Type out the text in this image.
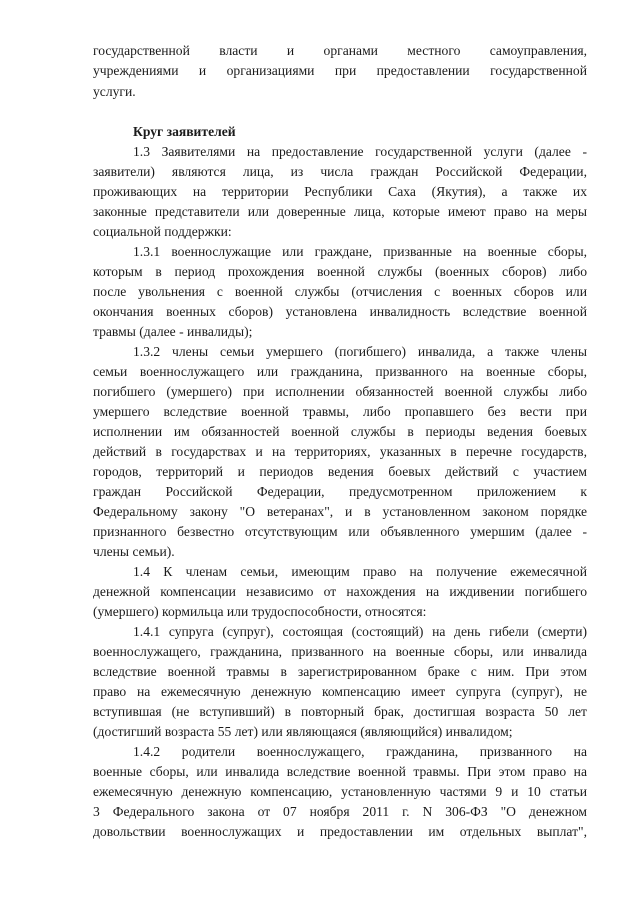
государственной власти и органами местного самоуправления,
учреждениями и организациями при предоставлении государственной
услуги.
Круг заявителей
1.3 Заявителями на предоставление государственной услуги (далее -
заявители) являются лица, из числа граждан Российской Федерации,
проживающих на территории Республики Саха (Якутия), а также их
законные представители или доверенные лица, которые имеют право на меры
социальной поддержки:
1.3.1 военнослужащие или граждане, призванные на военные сборы,
которым в период прохождения военной службы (военных сборов) либо
после увольнения с военной службы (отчисления с военных сборов или
окончания военных сборов) установлена инвалидность вследствие военной
травмы (далее - инвалиды);
1.3.2 члены семьи умершего (погибшего) инвалида, а также члены
семьи военнослужащего или гражданина, призванного на военные сборы,
погибшего (умершего) при исполнении обязанностей военной службы либо
умершего вследствие военной травмы, либо пропавшего без вести при
исполнении им обязанностей военной службы в периоды ведения боевых
действий в государствах и на территориях, указанных в перечне государств,
городов, территорий и периодов ведения боевых действий с участием
граждан Российской Федерации, предусмотренном приложением к
Федеральному закону "О ветеранах", и в установленном законом порядке
признанного безвестно отсутствующим или объявленного умершим (далее -
члены семьи).
1.4 К членам семьи, имеющим право на получение ежемесячной
денежной компенсации независимо от нахождения на иждивении погибшего
(умершего) кормильца или трудоспособности, относятся:
1.4.1 супруга (супруг), состоящая (состоящий) на день гибели (смерти)
военнослужащего, гражданина, призванного на военные сборы, или инвалида
вследствие военной травмы в зарегистрированном браке с ним. При этом
право на ежемесячную денежную компенсацию имеет супруга (супруг), не
вступившая (не вступивший) в повторный брак, достигшая возраста 50 лет
(достигший возраста 55 лет) или являющаяся (являющийся) инвалидом;
1.4.2 родители военнослужащего, гражданина, призванного на
военные сборы, или инвалида вследствие военной травмы. При этом право на
ежемесячную денежную компенсацию, установленную частями 9 и 10 статьи
3 Федерального закона от 07 ноября 2011 г. N 306-ФЗ "О денежном
довольствии военнослужащих и предоставлении им отдельных выплат",
